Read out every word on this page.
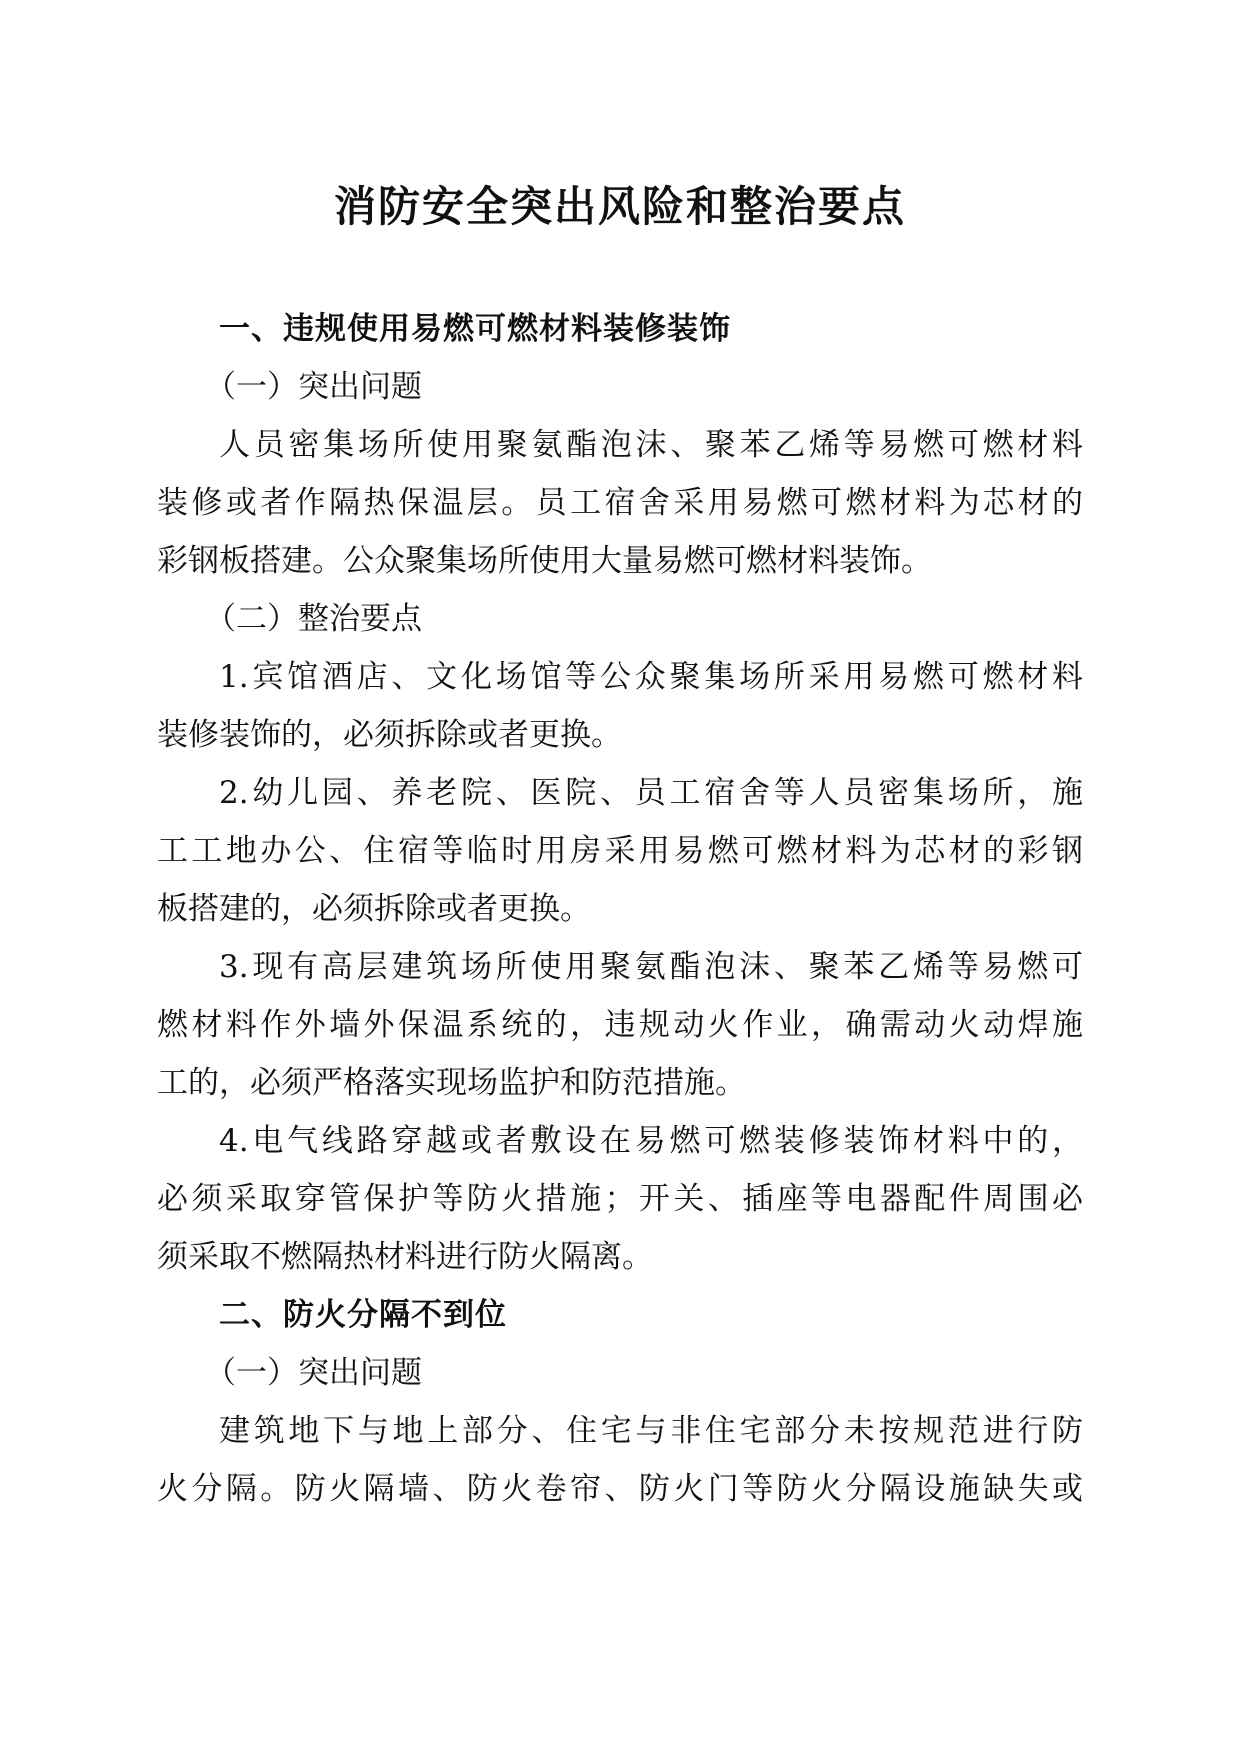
消防安全突出风险和整治要点

一、违规使用易燃可燃材料装修装饰

（一）突出问题

人员密集场所使用聚氨酯泡沫、聚苯乙烯等易燃可燃材料

装修或者作隔热保温层。员工宿舍采用易燃可燃材料为芯材的

彩钢板搭建。公众聚集场所使用大量易燃可燃材料装饰。

（二）整治要点

1.宾馆酒店、文化场馆等公众聚集场所采用易燃可燃材料

装修装饰的，必须拆除或者更换。

2.幼儿园、养老院、医院、员工宿舍等人员密集场所，施

工工地办公、住宿等临时用房采用易燃可燃材料为芯材的彩钢

板搭建的，必须拆除或者更换。

3.现有高层建筑场所使用聚氨酯泡沫、聚苯乙烯等易燃可

燃材料作外墙外保温系统的，违规动火作业，确需动火动焊施

工的，必须严格落实现场监护和防范措施。

4.电气线路穿越或者敷设在易燃可燃装修装饰材料中的，

必须采取穿管保护等防火措施；开关、插座等电器配件周围必

须采取不燃隔热材料进行防火隔离。

二、防火分隔不到位

（一）突出问题

建筑地下与地上部分、住宅与非住宅部分未按规范进行防

火分隔。防火隔墙、防火卷帘、防火门等防火分隔设施缺失或
